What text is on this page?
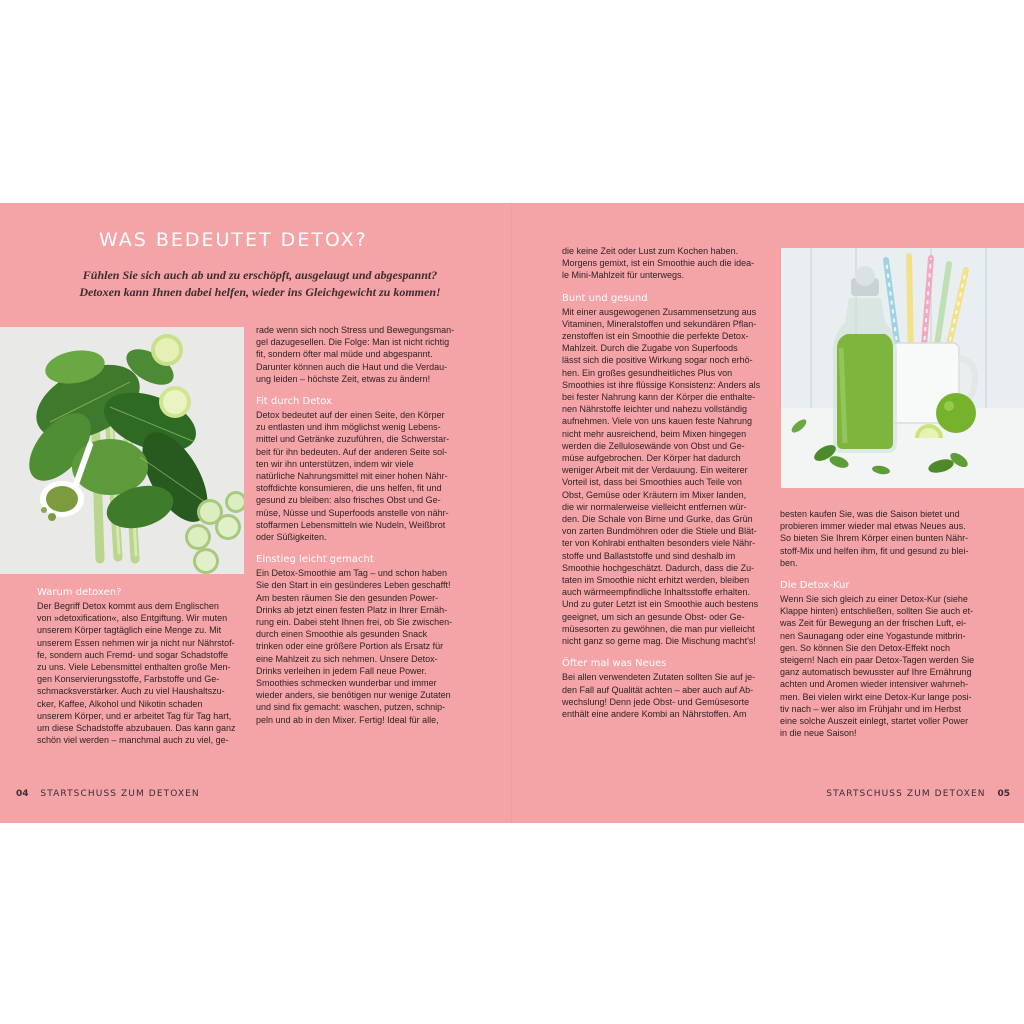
WAS BEDEUTET DETOX?
Fühlen Sie sich auch ab und zu erschöpft, ausgelaugt und abgespannt?
Detoxen kann Ihnen dabei helfen, wieder ins Gleichgewicht zu kommen!
Warum detoxen?
Der Begriff Detox kommt aus dem Englischen
von »detoxification«, also Entgiftung. Wir muten
unserem Körper tagtäglich eine Menge zu. Mit
unserem Essen nehmen wir ja nicht nur Nährstof-
fe, sondern auch Fremd- und sogar Schadstoffe
zu uns. Viele Lebensmittel enthalten große Men-
gen Konservierungsstoffe, Farbstoffe und Ge-
schmacksverstärker. Auch zu viel Haushaltszu-
cker, Kaffee, Alkohol und Nikotin schaden
unserem Körper, und er arbeitet Tag für Tag hart,
um diese Schadstoffe abzubauen. Das kann ganz
schön viel werden – manchmal auch zu viel, ge-
rade wenn sich noch Stress und Bewegungsman-
gel dazugesellen. Die Folge: Man ist nicht richtig
fit, sondern öfter mal müde und abgespannt.
Darunter können auch die Haut und die Verdau-
ung leiden – höchste Zeit, etwas zu ändern!
Fit durch Detox
Detox bedeutet auf der einen Seite, den Körper
zu entlasten und ihm möglichst wenig Lebens-
mittel und Getränke zuzuführen, die Schwerstar-
beit für ihn bedeuten. Auf der anderen Seite sol-
ten wir ihn unterstützen, indem wir viele
natürliche Nahrungsmittel mit einer hohen Nähr-
stoffdichte konsumieren, die uns helfen, fit und
gesund zu bleiben: also frisches Obst und Ge-
müse, Nüsse und Superfoods anstelle von nähr-
stoffarmen Lebensmitteln wie Nudeln, Weißbrot
oder Süßigkeiten.
Einstieg leicht gemacht
Ein Detox-Smoothie am Tag – und schon haben
Sie den Start in ein gesünderes Leben geschafft!
Am besten räumen Sie den gesunden Power-
Drinks ab jetzt einen festen Platz in Ihrer Ernäh-
rung ein. Dabei steht Ihnen frei, ob Sie zwischen-
durch einen Smoothie als gesunden Snack
trinken oder eine größere Portion als Ersatz für
eine Mahlzeit zu sich nehmen. Unsere Detox-
Drinks verleihen in jedem Fall neue Power.
Smoothies schmecken wunderbar und immer
wieder anders, sie benötigen nur wenige Zutaten
und sind fix gemacht: waschen, putzen, schnip-
peln und ab in den Mixer. Fertig! Ideal für alle,
04 STARTSCHUSS ZUM DETOXEN
die keine Zeit oder Lust zum Kochen haben.
Morgens gemixt, ist ein Smoothie auch die idea-
le Mini-Mahlzeit für unterwegs.
Bunt und gesund
Mit einer ausgewogenen Zusammensetzung aus
Vitaminen, Mineralstoffen und sekundären Pflan-
zenstoffen ist ein Smoothie die perfekte Detox-
Mahlzeit. Durch die Zugabe von Superfoods
lässt sich die positive Wirkung sogar noch erhö-
hen. Ein großes gesundheitliches Plus von
Smoothies ist ihre flüssige Konsistenz: Anders als
bei fester Nahrung kann der Körper die enthalte-
nen Nährstoffe leichter und nahezu vollständig
aufnehmen. Viele von uns kauen feste Nahrung
nicht mehr ausreichend, beim Mixen hingegen
werden die Zellulosewände von Obst und Ge-
müse aufgebrochen. Der Körper hat dadurch
weniger Arbeit mit der Verdauung. Ein weiterer
Vorteil ist, dass bei Smoothies auch Teile von
Obst, Gemüse oder Kräutern im Mixer landen,
die wir normalerweise vielleicht entfernen wür-
den. Die Schale von Birne und Gurke, das Grün
von zarten Bundmöhren oder die Stiele und Blät-
ter von Kohlrabi enthalten besonders viele Nähr-
stoffe und Ballaststoffe und sind deshalb im
Smoothie hochgeschätzt. Dadurch, dass die Zu-
taten im Smoothie nicht erhitzt werden, bleiben
auch wärmeempfindliche Inhaltsstoffe erhalten.
Und zu guter Letzt ist ein Smoothie auch bestens
geeignet, um sich an gesunde Obst- oder Ge-
müsesorten zu gewöhnen, die man pur vielleicht
nicht ganz so gerne mag. Die Mischung macht's!
Öfter mal was Neues
Bei allen verwendeten Zutaten sollten Sie auf je-
den Fall auf Qualität achten – aber auch auf Ab-
wechslung! Denn jede Obst- und Gemüsesorte
enthält eine andere Kombi an Nährstoffen. Am
besten kaufen Sie, was die Saison bietet und
probieren immer wieder mal etwas Neues aus.
So bieten Sie Ihrem Körper einen bunten Nähr-
stoff-Mix und helfen ihm, fit und gesund zu blei-
ben.
Die Detox-Kur
Wenn Sie sich gleich zu einer Detox-Kur (siehe
Klappe hinten) entschließen, sollten Sie auch et-
was Zeit für Bewegung an der frischen Luft, ei-
nen Saunagang oder eine Yogastunde mitbrin-
gen. So können Sie den Detox-Effekt noch
steigern! Nach ein paar Detox-Tagen werden Sie
ganz automatisch bewusster auf Ihre Ernährung
achten und Aromen wieder intensiver wahrneh-
men. Bei vielen wirkt eine Detox-Kur lange posi-
tiv nach – wer also im Frühjahr und im Herbst
eine solche Auszeit einlegt, startet voller Power
in die neue Saison!
STARTSCHUSS ZUM DETOXEN 05
